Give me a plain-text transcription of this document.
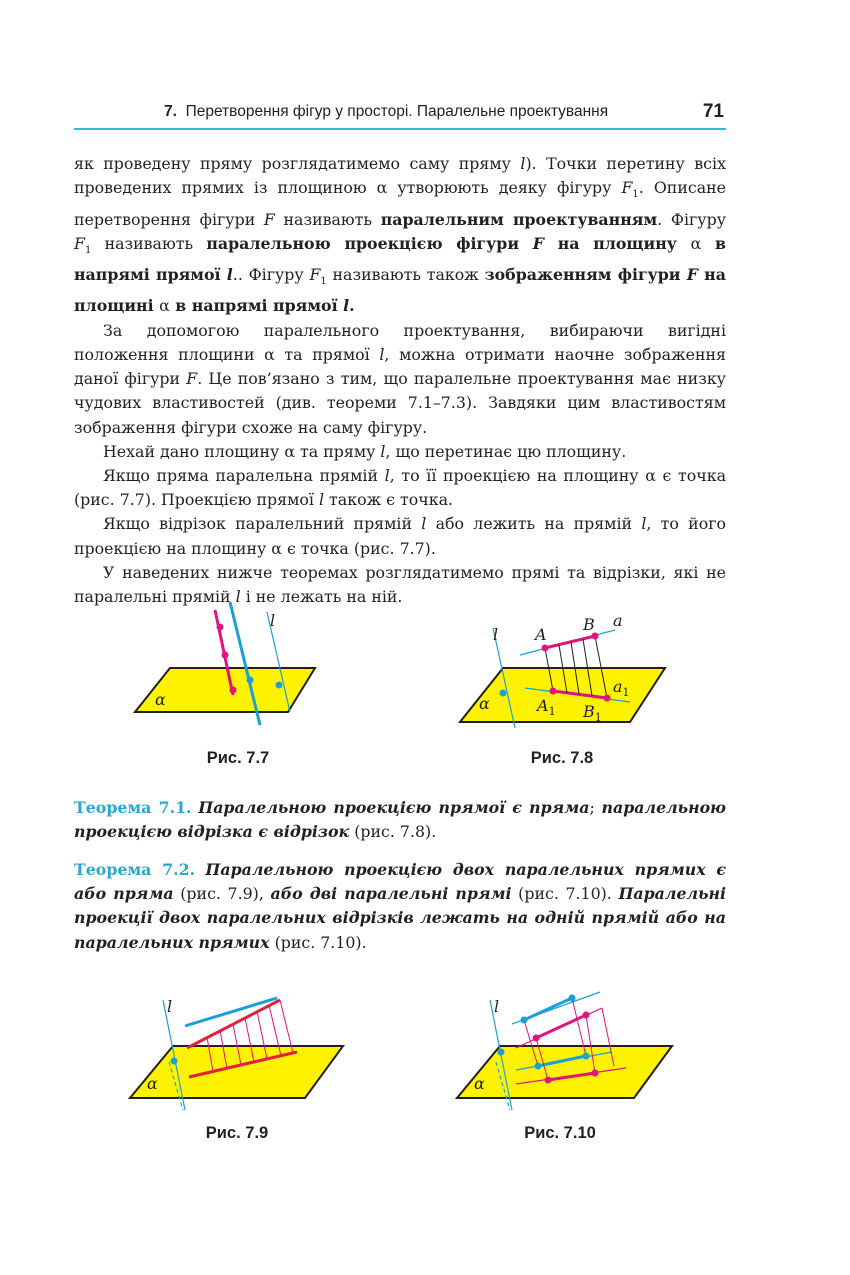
7. Перетворення фігур у просторі. Паралельне проектування	71

як проведену пряму розглядатимемо саму пряму l). Точки перетину всіх проведених прямих із площиною α утворюють деяку фігуру $F_1$. Описане перетворення фігури F називають паралельним проектуванням. Фігуру $F_1$ називають паралельною проекцією фігури F на площину α в напрямі прямої l.. Фігуру $F_1$ називають також зображенням фігури F на площині α в напрямі прямої l.

За допомогою паралельного проектування, вибираючи вигідні положення площини α та прямої l, можна отримати наочне зображення даної фігури F. Це пов’язано з тим, що паралельне проектування має низку чудових властивостей (див. теореми 7.1–7.3). Завдяки цим властивостям зображення фігури схоже на саму фігуру.

Нехай дано площину α та пряму l, що перетинає цю площину.

Якщо пряма паралельна прямій l, то її проекцією на площину α є точка (рис. 7.7). Проекцією прямої l також є точка.

Якщо відрізок паралельний прямій l або лежить на прямій l, то його проекцією на площину α є точка (рис. 7.7).

У наведених нижче теоремах розглядатимемо прямі та відрізки, які не паралельні прямій l і не лежать на ній.

l
α
Рис. 7.7
l A
B a
$a_1$
$A_1$ $B_1$
α
Рис. 7.8

Теорема 7.1. Паралельною проекцією прямої є пряма; паралельною проекцією відрізка є відрізок (рис. 7.8).

Теорема 7.2. Паралельною проекцією двох паралельних прямих є або пряма (рис. 7.9), або дві паралельні прямі (рис. 7.10). Паралельні проекції двох паралельних відрізків лежать на одній прямій або на паралельних прямих (рис. 7.10).

l
α
Рис. 7.9
l
α
Рис. 7.10
